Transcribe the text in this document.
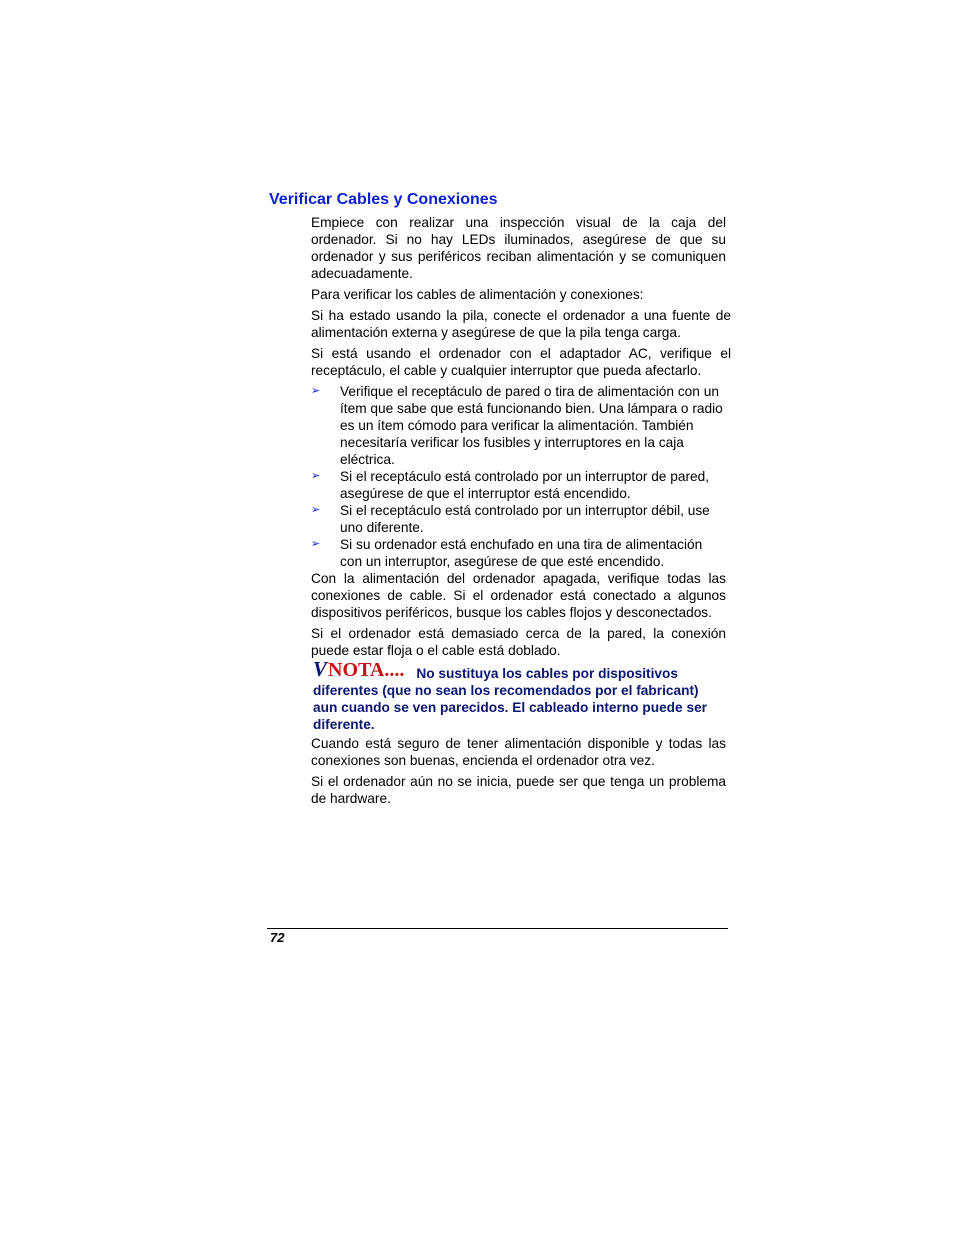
Verificar Cables y Conexiones

Empiece con realizar una inspección visual de la caja del ordenador. Si no hay LEDs iluminados, asegúrese de que su ordenador y sus periféricos reciban alimentación y se comuniquen adecuadamente.

Para verificar los cables de alimentación y conexiones:

Si ha estado usando la pila, conecte el ordenador a una fuente de alimentación externa y asegúrese de que la pila tenga carga.

Si está usando el ordenador con el adaptador AC, verifique el receptáculo, el cable y cualquier interruptor que pueda afectarlo.

➢ Verifique el receptáculo de pared o tira de alimentación con un ítem que sabe que está funcionando bien. Una lámpara o radio es un ítem cómodo para verificar la alimentación. También necesitaría verificar los fusibles y interruptores en la caja eléctrica.
➢ Si el receptáculo está controlado por un interruptor de pared, asegúrese de que el interruptor está encendido.
➢ Si el receptáculo está controlado por un interruptor débil, use uno diferente.
➢ Si su ordenador está enchufado en una tira de alimentación con un interruptor, asegúrese de que esté encendido.

Con la alimentación del ordenador apagada, verifique todas las conexiones de cable. Si el ordenador está conectado a algunos dispositivos periféricos, busque los cables flojos y desconectados.

Si el ordenador está demasiado cerca de la pared, la conexión puede estar floja o el cable está doblado.

VNOTA.... No sustituya los cables por dispositivos diferentes (que no sean los recomendados por el fabricant) aun cuando se ven parecidos. El cableado interno puede ser diferente.

Cuando está seguro de tener alimentación disponible y todas las conexiones son buenas, encienda el ordenador otra vez.

Si el ordenador aún no se inicia, puede ser que tenga un problema de hardware.

72
